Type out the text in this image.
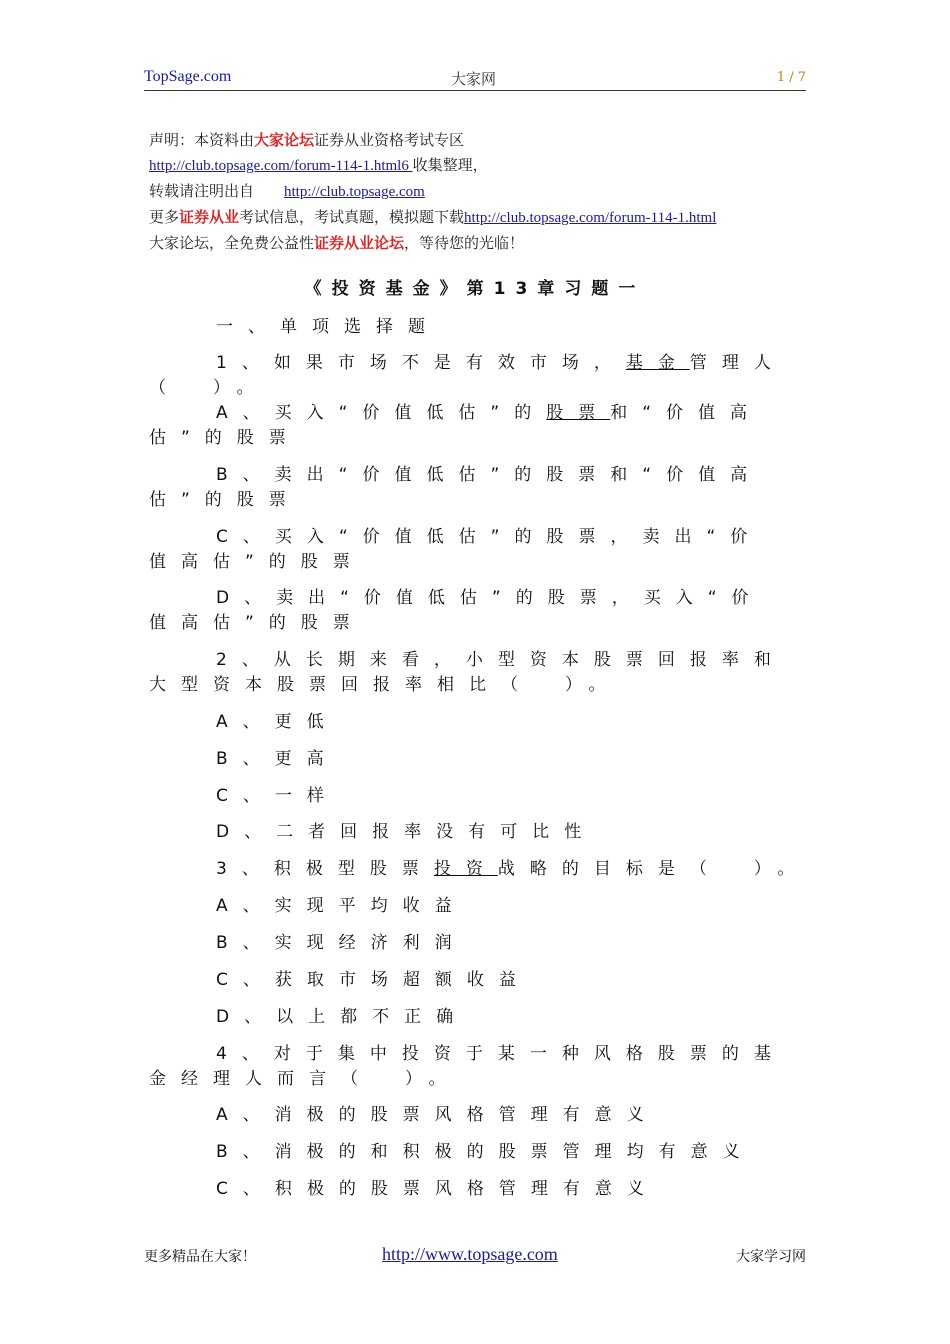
TopSage.com	大家网	1 / 7
声明：本资料由大家论坛证券从业资格考试专区
http://club.topsage.com/forum-114-1.html6 收集整理，
转载请注明出自 http://club.topsage.com
更多证券从业考试信息，考试真题，模拟题下载http://club.topsage.com/forum-114-1.html
大家论坛，全免费公益性证券从业论坛，等待您的光临！
《投资基金》第13章习题一
一、单项选择题
1、如果市场不是有效市场，基金管理人
（　）。
A、买入“价值低估”的股票和“价值高
估”的股票
B、卖出“价值低估”的股票和“价值高
估”的股票
C、买入“价值低估”的股票，卖出“价
值高估”的股票
D、卖出“价值低估”的股票，买入“价
值高估”的股票
2、从长期来看，小型资本股票回报率和
大型资本股票回报率相比（　）。
A、更低
B、更高
C、一样
D、二者回报率没有可比性
3、积极型股票投资战略的目标是（　）。
A、实现平均收益
B、实现经济利润
C、获取市场超额收益
D、以上都不正确
4、对于集中投资于某一种风格股票的基
金经理人而言（　）。
A、消极的股票风格管理有意义
B、消极的和积极的股票管理均有意义
C、积极的股票风格管理有意义
更多精品在大家！	http://www.topsage.com	大家学习网
